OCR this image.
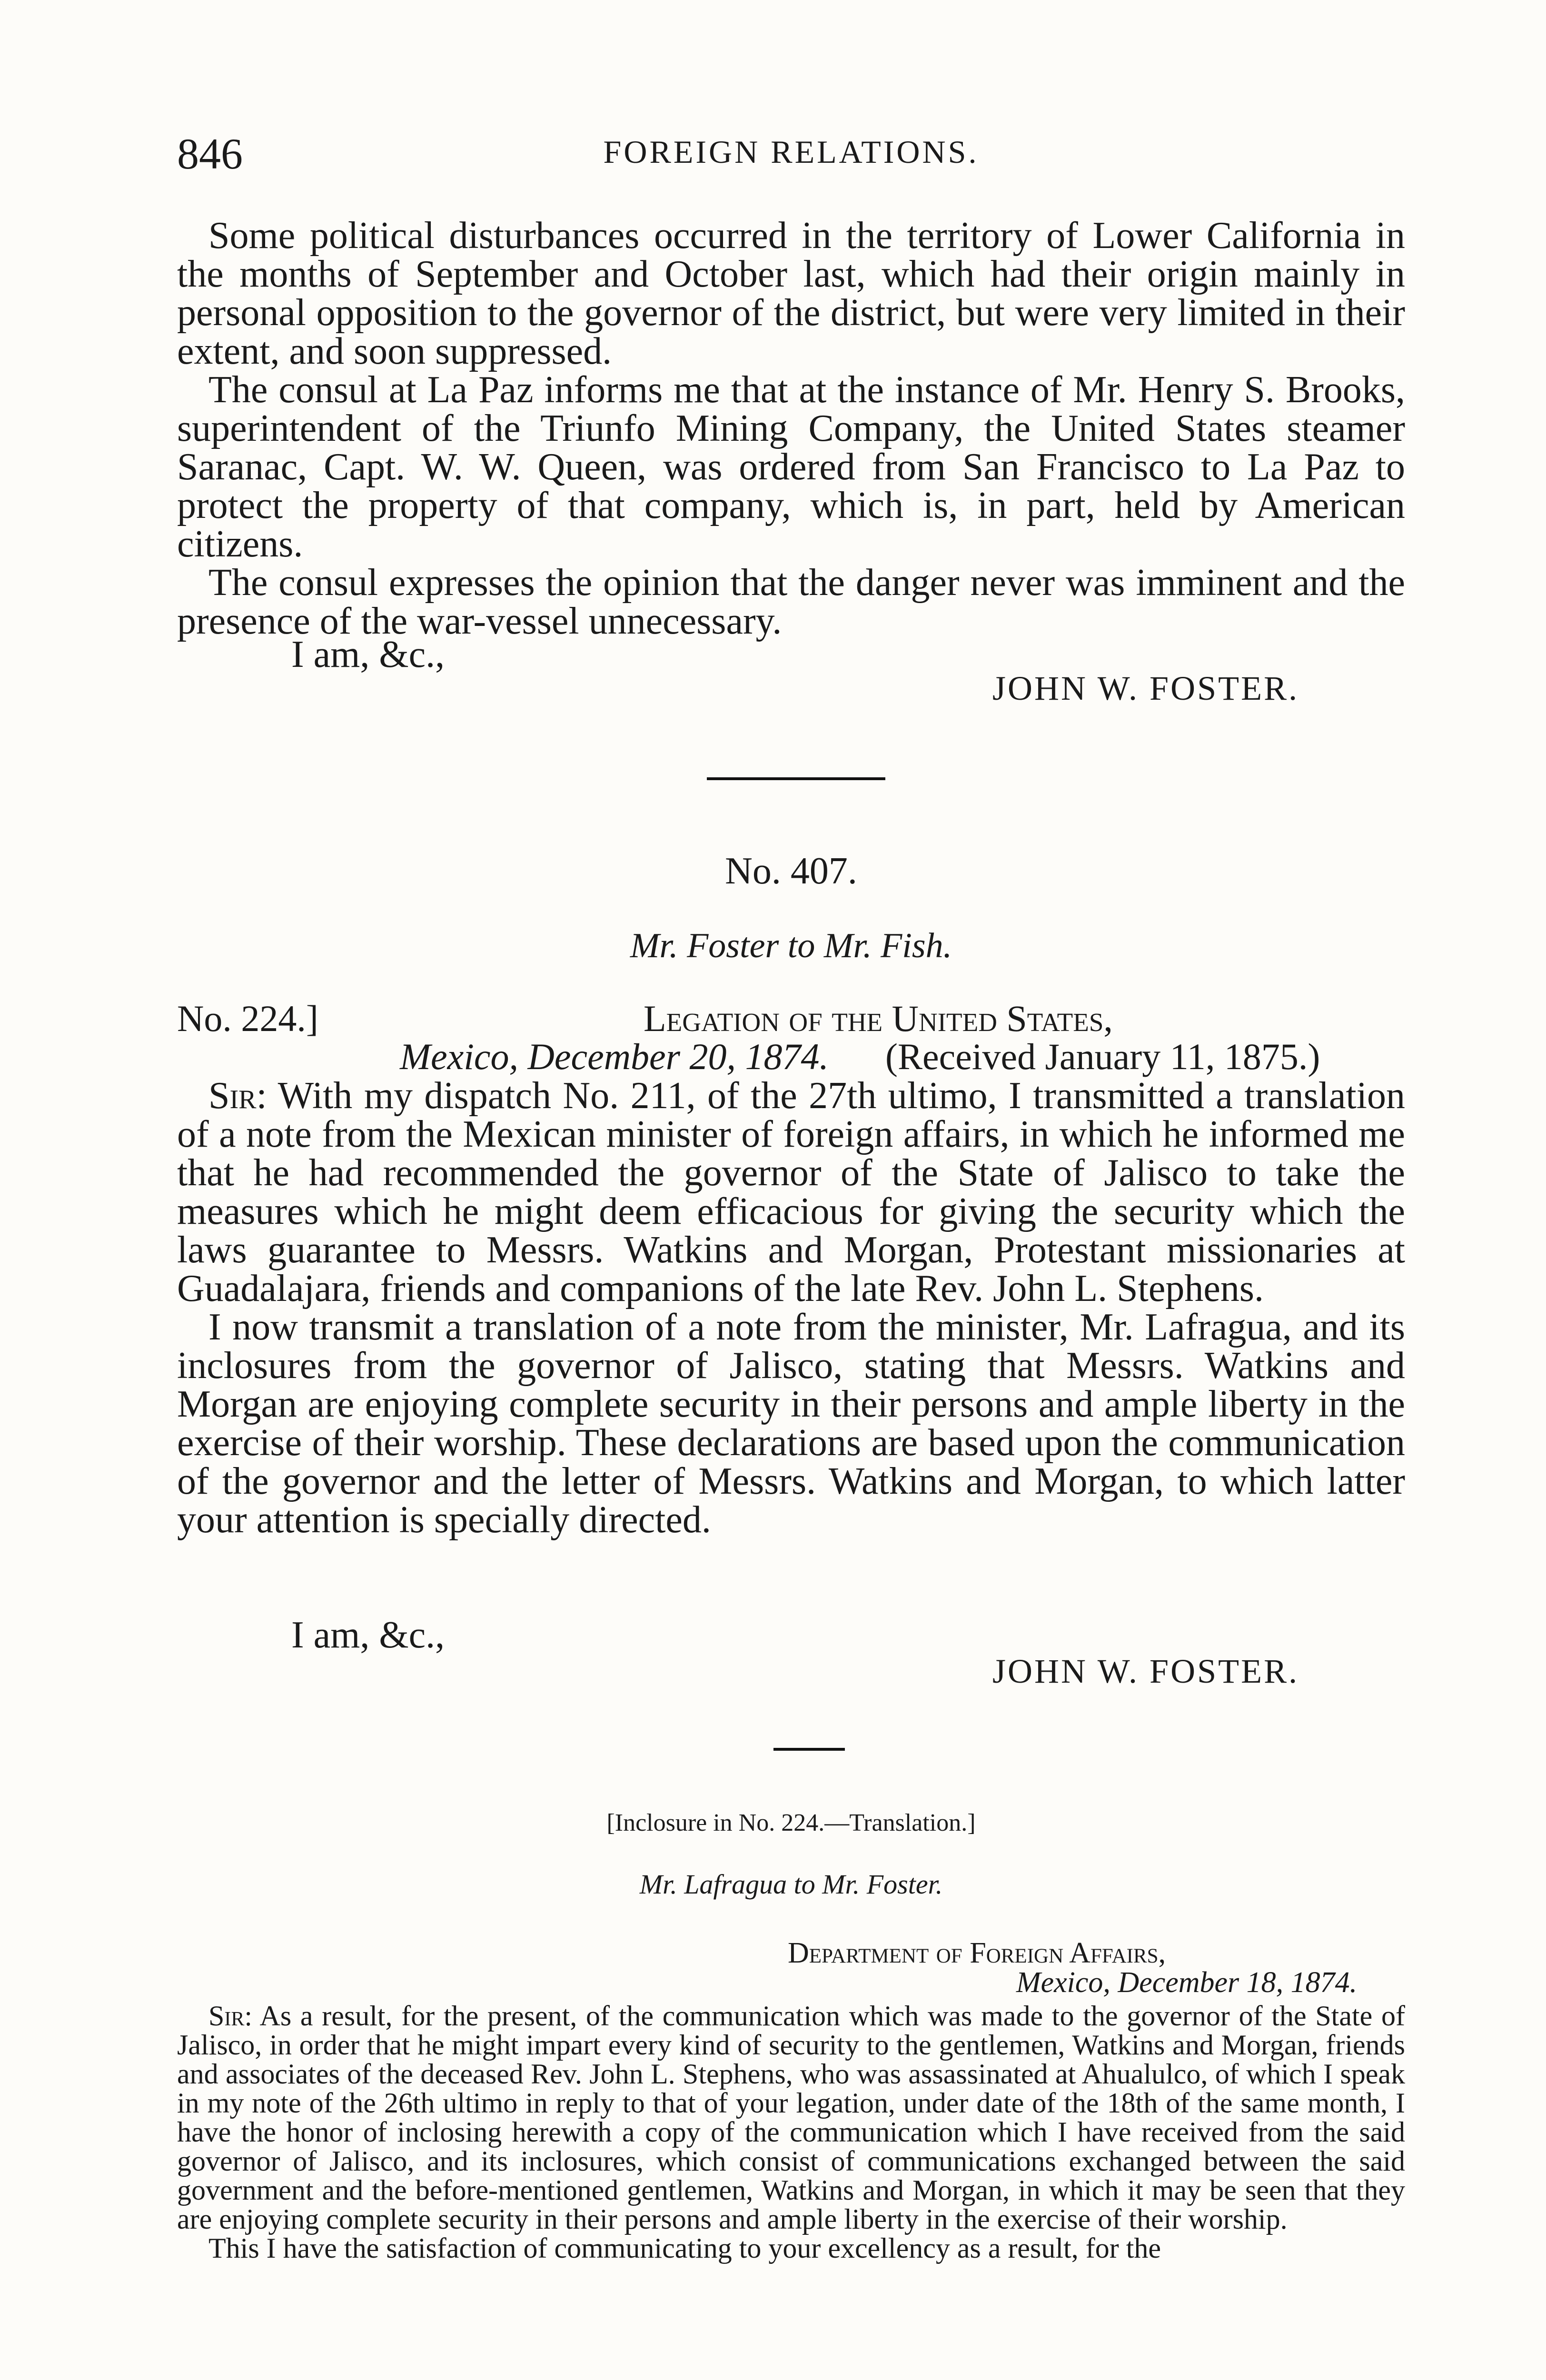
846	FOREIGN RELATIONS.

Some political disturbances occurred in the territory of Lower California in the months of September and October last, which had their origin mainly in personal opposition to the governor of the district, but were very limited in their extent, and soon suppressed.

The consul at La Paz informs me that at the instance of Mr. Henry S. Brooks, superintendent of the Triunfo Mining Company, the United States steamer Saranac, Capt. W. W. Queen, was ordered from San Francisco to La Paz to protect the property of that company, which is, in part, held by American citizens.

The consul expresses the opinion that the danger never was imminent and the presence of the war-vessel unnecessary.

I am, &c.,
JOHN W. FOSTER.
No. 407.
Mr. Foster to Mr. Fish.
No. 224.]	Legation of the United States,
Mexico, December 20, 1874. (Received January 11, 1875.)

Sir: With my dispatch No. 211, of the 27th ultimo, I transmitted a translation of a note from the Mexican minister of foreign affairs, in which he informed me that he had recommended the governor of the State of Jalisco to take the measures which he might deem efficacious for giving the security which the laws guarantee to Messrs. Watkins and Morgan, Protestant missionaries at Guadalajara, friends and companions of the late Rev. John L. Stephens.

I now transmit a translation of a note from the minister, Mr. Lafragua, and its inclosures from the governor of Jalisco, stating that Messrs. Watkins and Morgan are enjoying complete security in their persons and ample liberty in the exercise of their worship. These declarations are based upon the communication of the governor and the letter of Messrs. Watkins and Morgan, to which latter your attention is specially directed.

I am, &c.,
JOHN W. FOSTER.
[Inclosure in No. 224.—Translation.]
Mr. Lafragua to Mr. Foster.
Department of Foreign Affairs,
Mexico, December 18, 1874.

Sir: As a result, for the present, of the communication which was made to the governor of the State of Jalisco, in order that he might impart every kind of security to the gentlemen, Watkins and Morgan, friends and associates of the deceased Rev. John L. Stephens, who was assassinated at Ahualulco, of which I speak in my note of the 26th ultimo in reply to that of your legation, under date of the 18th of the same month, I have the honor of inclosing herewith a copy of the communication which I have received from the said governor of Jalisco, and its inclosures, which consist of communications exchanged between the said government and the before-mentioned gentlemen, Watkins and Morgan, in which it may be seen that they are enjoying complete security in their persons and ample liberty in the exercise of their worship.

This I have the satisfaction of communicating to your excellency as a result, for the
